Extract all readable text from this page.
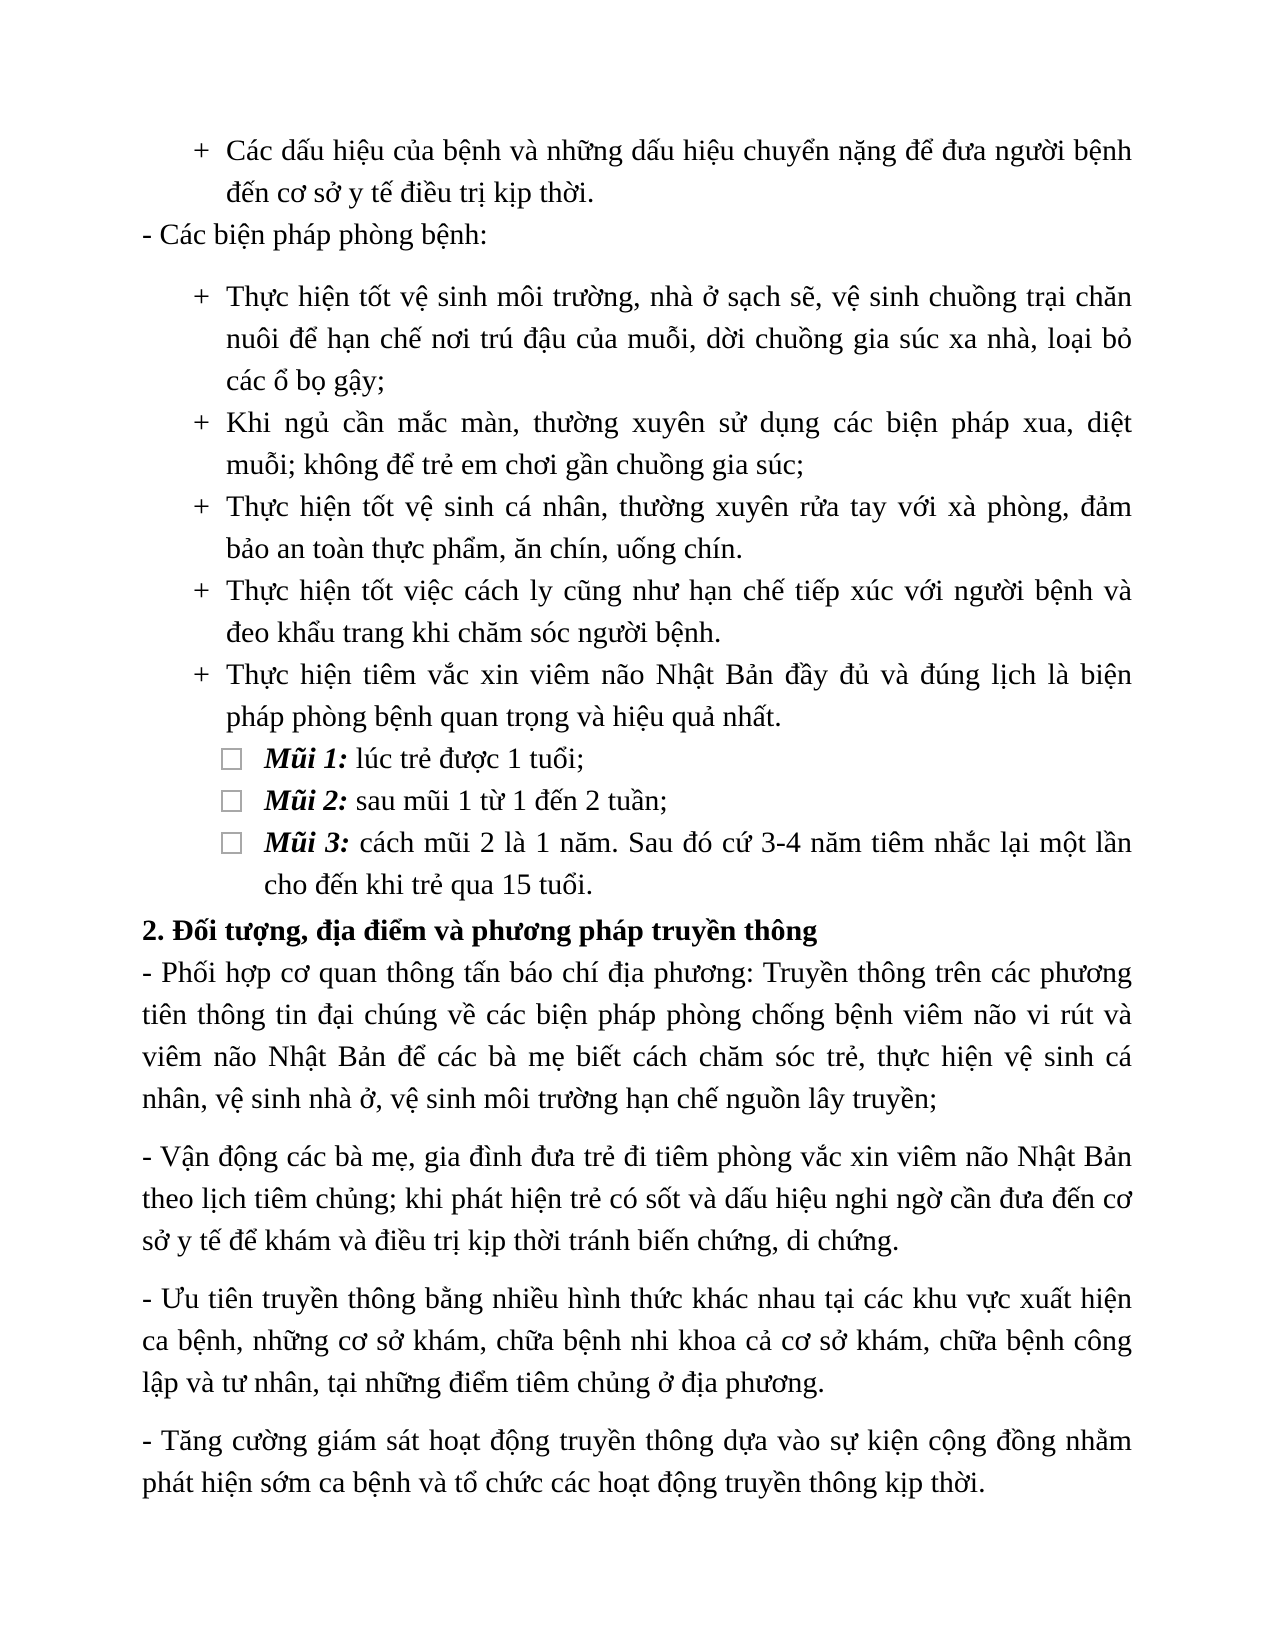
+ Các dấu hiệu của bệnh và những dấu hiệu chuyển nặng để đưa người bệnh đến cơ sở y tế điều trị kịp thời.

- Các biện pháp phòng bệnh:

+ Thực hiện tốt vệ sinh môi trường, nhà ở sạch sẽ, vệ sinh chuồng trại chăn nuôi để hạn chế nơi trú đậu của muỗi, dời chuồng gia súc xa nhà, loại bỏ các ổ bọ gậy;
+ Khi ngủ cần mắc màn, thường xuyên sử dụng các biện pháp xua, diệt muỗi; không để trẻ em chơi gần chuồng gia súc;
+ Thực hiện tốt vệ sinh cá nhân, thường xuyên rửa tay với xà phòng, đảm bảo an toàn thực phẩm, ăn chín, uống chín.
+ Thực hiện tốt việc cách ly cũng như hạn chế tiếp xúc với người bệnh và đeo khẩu trang khi chăm sóc người bệnh.
+ Thực hiện tiêm vắc xin viêm não Nhật Bản đầy đủ và đúng lịch là biện pháp phòng bệnh quan trọng và hiệu quả nhất.
Mũi 1: lúc trẻ được 1 tuổi;
Mũi 2: sau mũi 1 từ 1 đến 2 tuần;
Mũi 3: cách mũi 2 là 1 năm. Sau đó cứ 3-4 năm tiêm nhắc lại một lần cho đến khi trẻ qua 15 tuổi.
2. Đối tượng, địa điểm và phương pháp truyền thông

- Phối hợp cơ quan thông tấn báo chí địa phương: Truyền thông trên các phương tiên thông tin đại chúng về các biện pháp phòng chống bệnh viêm não vi rút và viêm não Nhật Bản để các bà mẹ biết cách chăm sóc trẻ, thực hiện vệ sinh cá nhân, vệ sinh nhà ở, vệ sinh môi trường hạn chế nguồn lây truyền;

- Vận động các bà mẹ, gia đình đưa trẻ đi tiêm phòng vắc xin viêm não Nhật Bản theo lịch tiêm chủng; khi phát hiện trẻ có sốt và dấu hiệu nghi ngờ cần đưa đến cơ sở y tế để khám và điều trị kịp thời tránh biến chứng, di chứng.

- Ưu tiên truyền thông bằng nhiều hình thức khác nhau tại các khu vực xuất hiện ca bệnh, những cơ sở khám, chữa bệnh nhi khoa cả cơ sở khám, chữa bệnh công lập và tư nhân, tại những điểm tiêm chủng ở địa phương.

- Tăng cường giám sát hoạt động truyền thông dựa vào sự kiện cộng đồng nhằm phát hiện sớm ca bệnh và tổ chức các hoạt động truyền thông kịp thời.
